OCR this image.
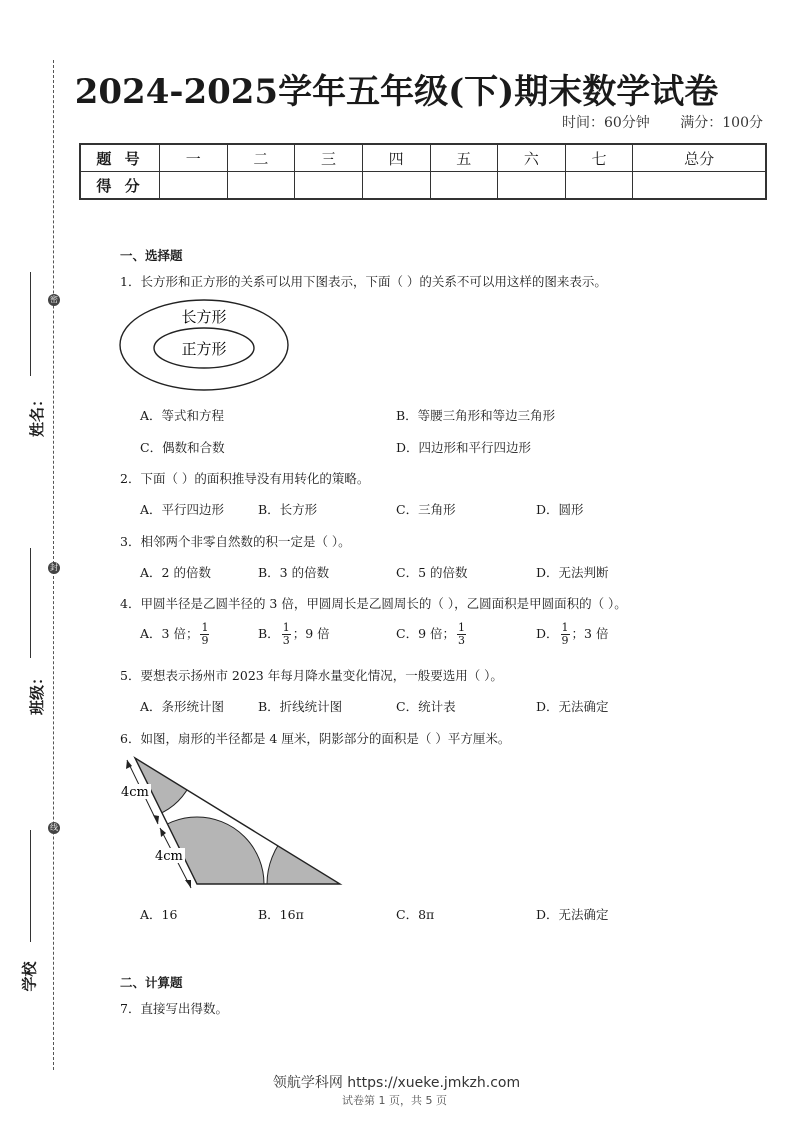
密
封
线
姓名：
班级：
学校
2024-2025学年五年级(下)期末数学试卷
时间：60分钟 满分：100分
题 号	一	二	三	四	五	六	七	总分
得 分								
一、选择题
1．长方形和正方形的关系可以用下图表示，下面（ ）的关系不可以用这样的图来表示。
长方形
正方形
A．等式和方程	B．等腰三角形和等边三角形
C．偶数和合数	D．四边形和平行四边形
2．下面（ ）的面积推导没有用转化的策略。
A．平行四边形	B．长方形	C．三角形	D．圆形
3．相邻两个非零自然数的积一定是（ ）。
A．2 的倍数	B．3 的倍数	C．5 的倍数	D．无法判断
4．甲圆半径是乙圆半径的 3 倍，甲圆周长是乙圆周长的（ ），乙圆面积是甲圆面积的（ ）。
A．3 倍； $\frac{1}{9}$	B． $\frac{1}{3}$ ；9 倍	C．9 倍； $\frac{1}{3}$	D． $\frac{1}{9}$ ；3 倍
5．要想表示扬州市 2023 年每月降水量变化情况，一般要选用（ ）。
A．条形统计图	B．折线统计图	C．统计表	D．无法确定
6．如图，扇形的半径都是 4 厘米，阴影部分的面积是（ ）平方厘米。
4cm
4cm
A．16	B．16π	C．8π	D．无法确定
二、计算题
7．直接写出得数。
领航学科网 https://xueke.jmkzh.com
试卷第 1 页，共 5 页
